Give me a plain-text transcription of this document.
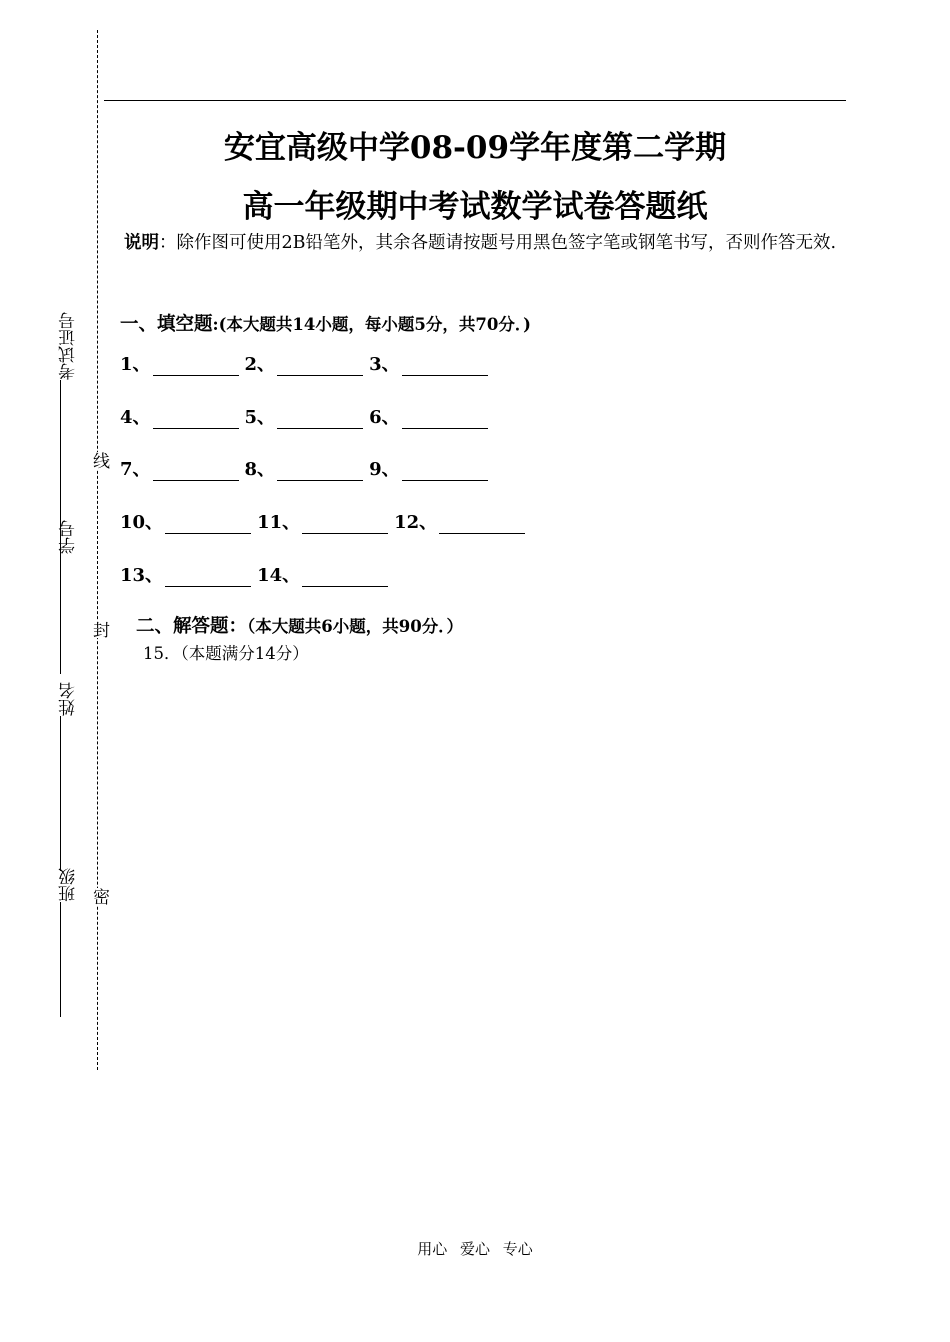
考试证号
学号
姓名
班级
线
封
密
安宜高级中学08-09学年度第二学期
高一年级期中考试数学试卷答题纸
说明：除作图可使用2B铅笔外，其余各题请按题号用黑色签字笔或钢笔书写，否则作答无效.
一、填空题:(本大题共14小题，每小题5分，共70分．)
1、	2、	3、
4、	5、	6、
7、	8、	9、
10、	11、	12、
13、	14、
二、解答题：（本大题共6小题，共90分．）
15．（本题满分14分）
用心 爱心 专心
